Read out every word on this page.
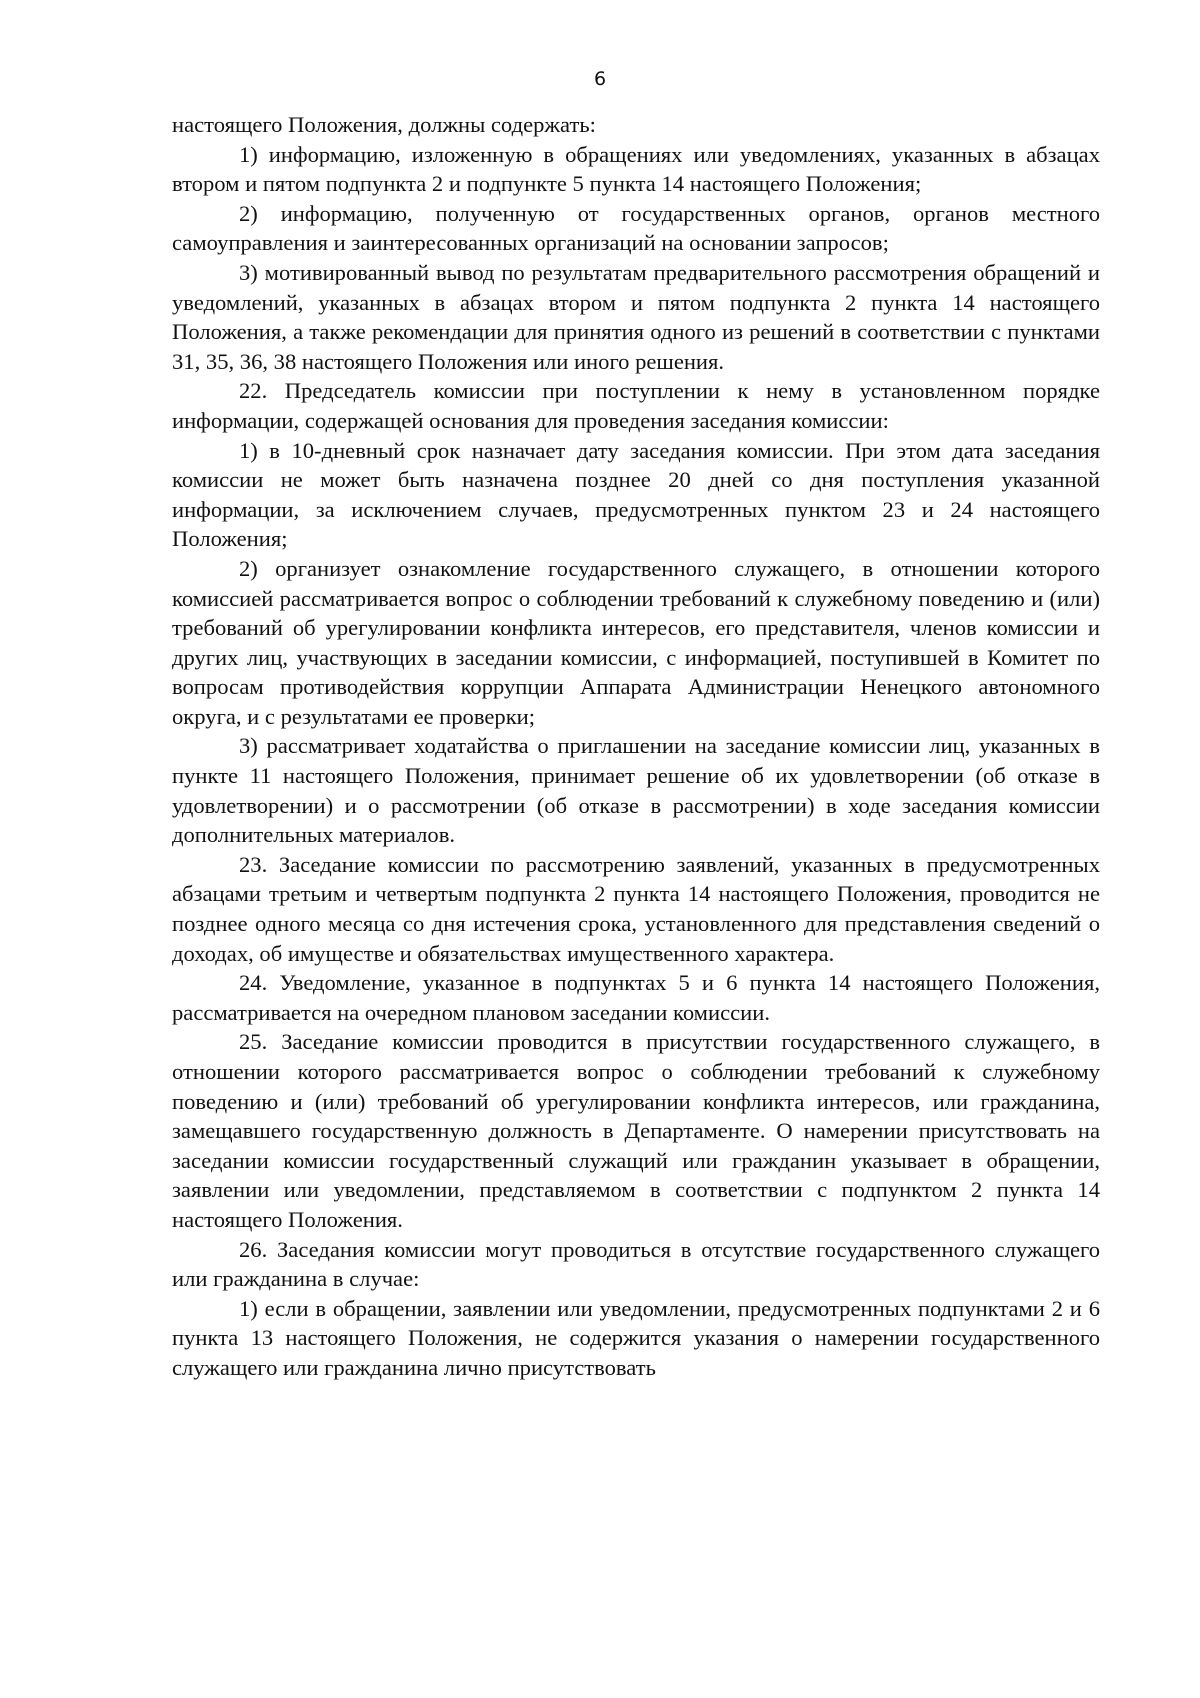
6

настоящего Положения, должны содержать:

1) информацию, изложенную в обращениях или уведомлениях, указанных в абзацах втором и пятом подпункта 2 и подпункте 5 пункта 14 настоящего Положения;

2) информацию, полученную от государственных органов, органов местного самоуправления и заинтересованных организаций на основании запросов;

3) мотивированный вывод по результатам предварительного рассмотрения обращений и уведомлений, указанных в абзацах втором и пятом подпункта 2 пункта 14 настоящего Положения, а также рекомендации для принятия одного из решений в соответствии с пунктами 31, 35, 36, 38 настоящего Положения или иного решения.

22. Председатель комиссии при поступлении к нему в установленном порядке информации, содержащей основания для проведения заседания комиссии:

1) в 10-дневный срок назначает дату заседания комиссии. При этом дата заседания комиссии не может быть назначена позднее 20 дней со дня поступления указанной информации, за исключением случаев, предусмотренных пунктом 23 и 24 настоящего Положения;

2) организует ознакомление государственного служащего, в отношении которого комиссией рассматривается вопрос о соблюдении требований к служебному поведению и (или) требований об урегулировании конфликта интересов, его представителя, членов комиссии и других лиц, участвующих в заседании комиссии, с информацией, поступившей в Комитет по вопросам противодействия коррупции Аппарата Администрации Ненецкого автономного округа, и с результатами ее проверки;

3) рассматривает ходатайства о приглашении на заседание комиссии лиц, указанных в пункте 11 настоящего Положения, принимает решение об их удовлетворении (об отказе в удовлетворении) и о рассмотрении (об отказе в рассмотрении) в ходе заседания комиссии дополнительных материалов.

23. Заседание комиссии по рассмотрению заявлений, указанных в предусмотренных абзацами третьим и четвертым подпункта 2 пункта 14 настоящего Положения, проводится не позднее одного месяца со дня истечения срока, установленного для представления сведений о доходах, об имуществе и обязательствах имущественного характера.

24. Уведомление, указанное в подпунктах 5 и 6 пункта 14 настоящего Положения, рассматривается на очередном плановом заседании комиссии.

25. Заседание комиссии проводится в присутствии государственного служащего, в отношении которого рассматривается вопрос о соблюдении требований к служебному поведению и (или) требований об урегулировании конфликта интересов, или гражданина, замещавшего государственную должность в Департаменте. О намерении присутствовать на заседании комиссии государственный служащий или гражданин указывает в обращении, заявлении или уведомлении, представляемом в соответствии с подпунктом 2 пункта 14 настоящего Положения.

26. Заседания комиссии могут проводиться в отсутствие государственного служащего или гражданина в случае:

1) если в обращении, заявлении или уведомлении, предусмотренных подпунктами 2 и 6 пункта 13 настоящего Положения, не содержится указания о намерении государственного служащего или гражданина лично присутствовать
